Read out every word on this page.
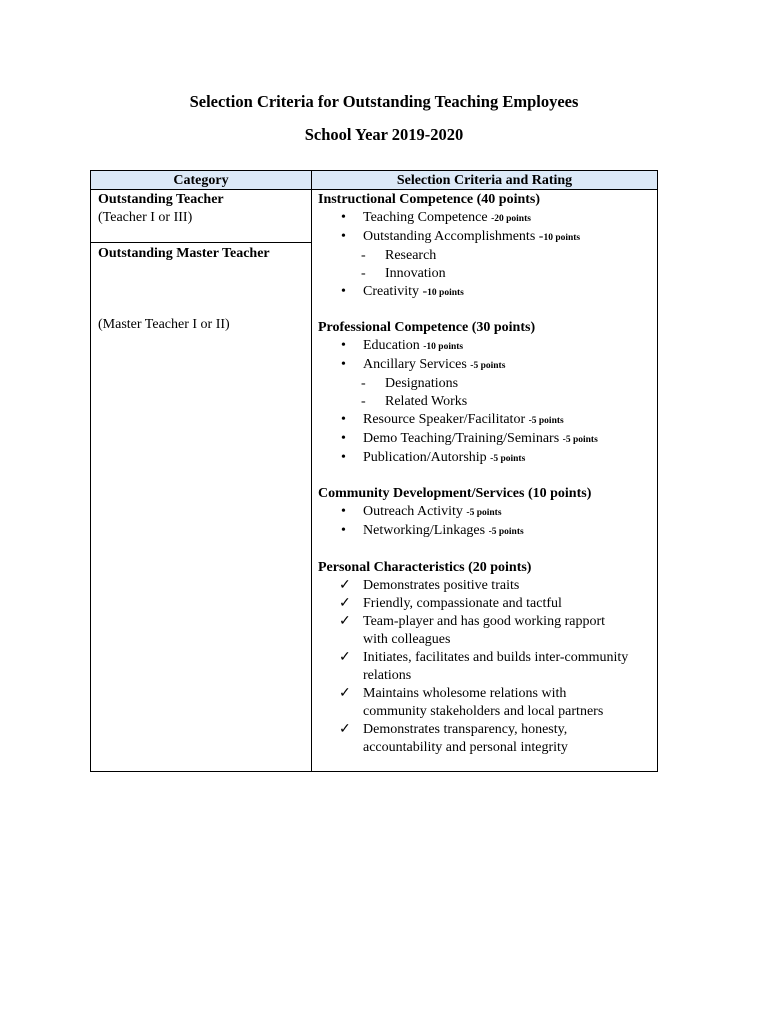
Selection Criteria for Outstanding Teaching Employees
School Year 2019-2020
Category	Selection Criteria and Rating
Outstanding Teacher
(Teacher I or III)
Outstanding Master Teacher
(Master Teacher I or II)
Instructional Competence (40 points)
• Teaching Competence -20 points
• Outstanding Accomplishments -10 points
- Research
- Innovation
• Creativity -10 points
Professional Competence (30 points)
• Education -10 points
• Ancillary Services -5 points
- Designations
- Related Works
• Resource Speaker/Facilitator -5 points
• Demo Teaching/Training/Seminars -5 points
• Publication/Autorship -5 points
Community Development/Services (10 points)
• Outreach Activity -5 points
• Networking/Linkages -5 points
Personal Characteristics (20 points)
✓ Demonstrates positive traits
✓ Friendly, compassionate and tactful
✓ Team-player and has good working rapport
with colleagues
✓ Initiates, facilitates and builds inter-community
relations
✓ Maintains wholesome relations with
community stakeholders and local partners
✓ Demonstrates transparency, honesty,
accountability and personal integrity
